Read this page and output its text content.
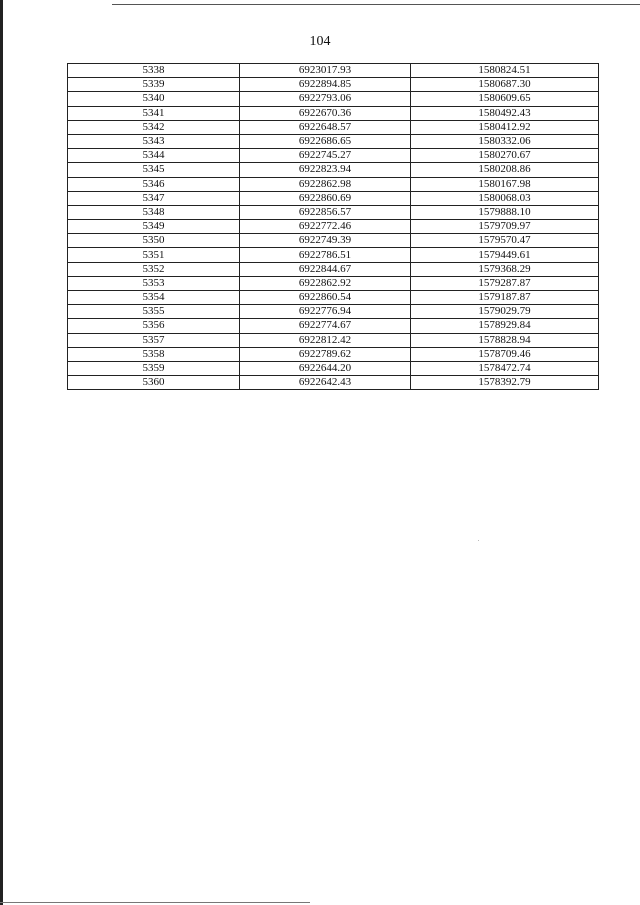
104
5338	6923017.93	1580824.51
5339	6922894.85	1580687.30
5340	6922793.06	1580609.65
5341	6922670.36	1580492.43
5342	6922648.57	1580412.92
5343	6922686.65	1580332.06
5344	6922745.27	1580270.67
5345	6922823.94	1580208.86
5346	6922862.98	1580167.98
5347	6922860.69	1580068.03
5348	6922856.57	1579888.10
5349	6922772.46	1579709.97
5350	6922749.39	1579570.47
5351	6922786.51	1579449.61
5352	6922844.67	1579368.29
5353	6922862.92	1579287.87
5354	6922860.54	1579187.87
5355	6922776.94	1579029.79
5356	6922774.67	1578929.84
5357	6922812.42	1578828.94
5358	6922789.62	1578709.46
5359	6922644.20	1578472.74
5360	6922642.43	1578392.79
